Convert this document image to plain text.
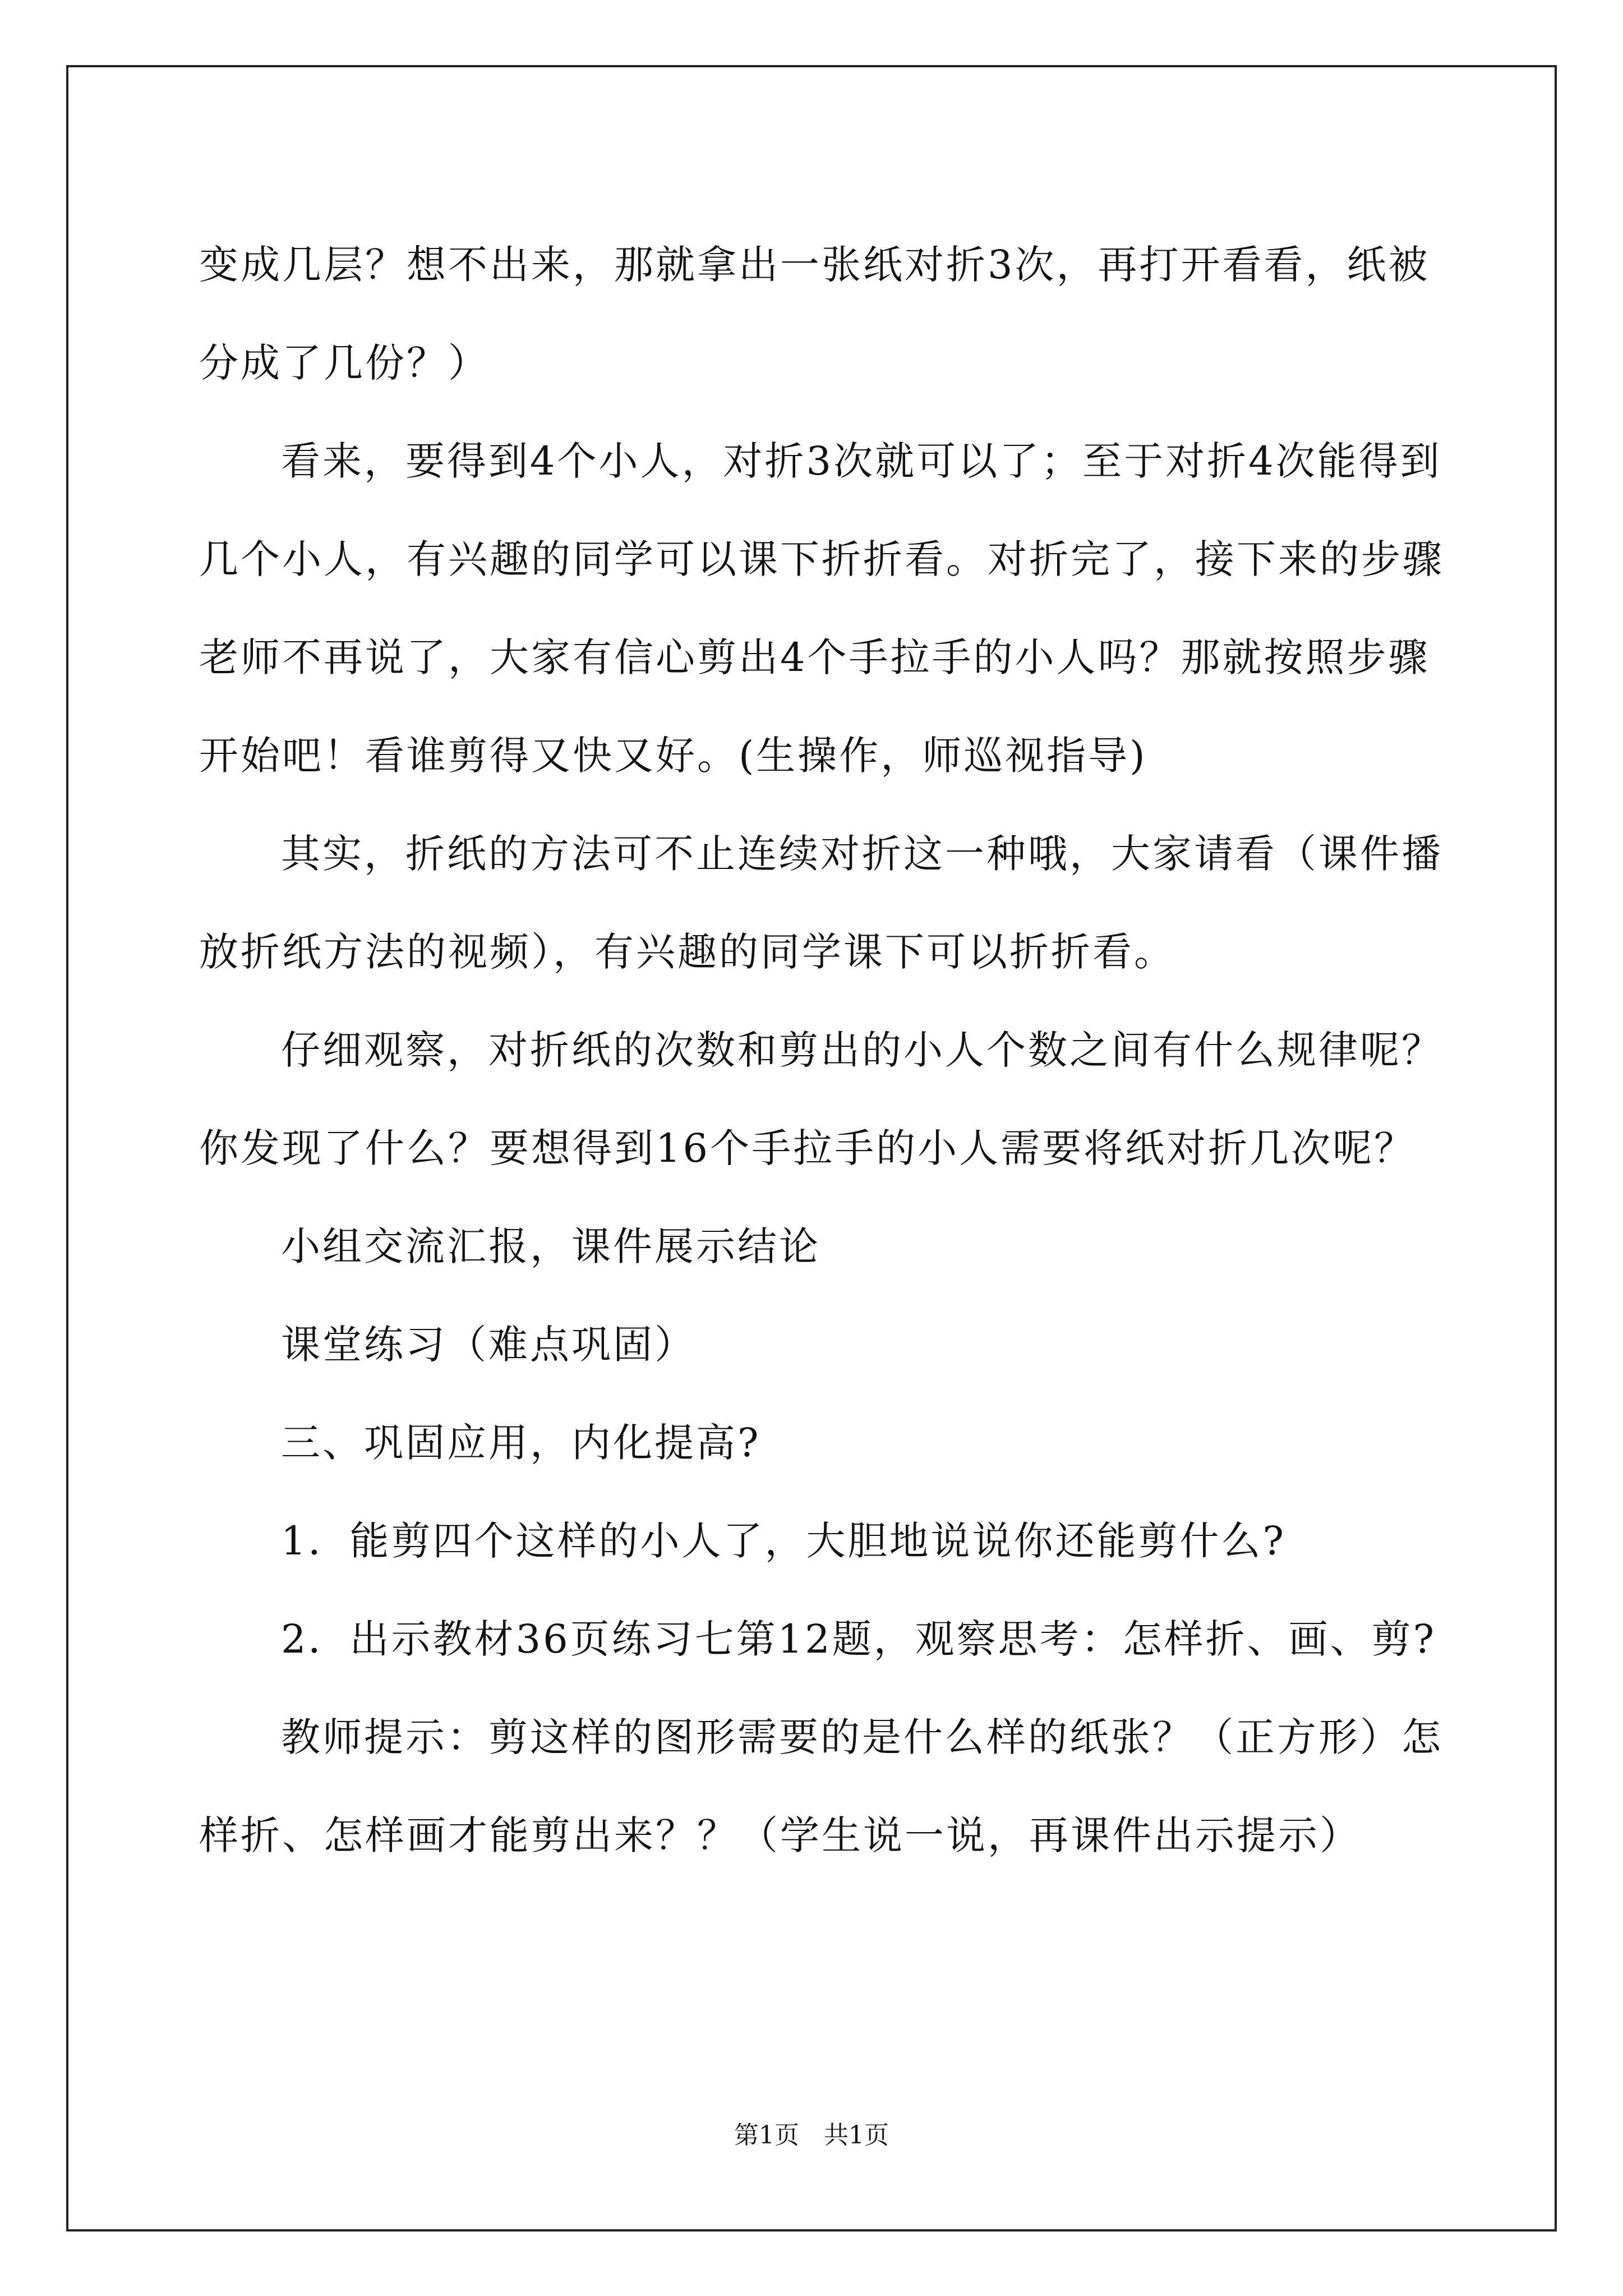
变成几层？想不出来，那就拿出一张纸对折3次，再打开看看，纸被分成了几份？）

看来，要得到4个小人，对折3次就可以了；至于对折4次能得到几个小人，有兴趣的同学可以课下折折看。对折完了，接下来的步骤老师不再说了，大家有信心剪出4个手拉手的小人吗？那就按照步骤开始吧！看谁剪得又快又好。(生操作，师巡视指导)

其实，折纸的方法可不止连续对折这一种哦，大家请看（课件播放折纸方法的视频），有兴趣的同学课下可以折折看。

仔细观察，对折纸的次数和剪出的小人个数之间有什么规律呢？你发现了什么？要想得到16个手拉手的小人需要将纸对折几次呢？

小组交流汇报，课件展示结论

课堂练习（难点巩固）

三、巩固应用，内化提高?

1．能剪四个这样的小人了，大胆地说说你还能剪什么?

2．出示教材36页练习七第12题，观察思考：怎样折、画、剪?

教师提示：剪这样的图形需要的是什么样的纸张？（正方形）怎样折、怎样画才能剪出来？？（学生说一说，再课件出示提示）

第1页　共1页
